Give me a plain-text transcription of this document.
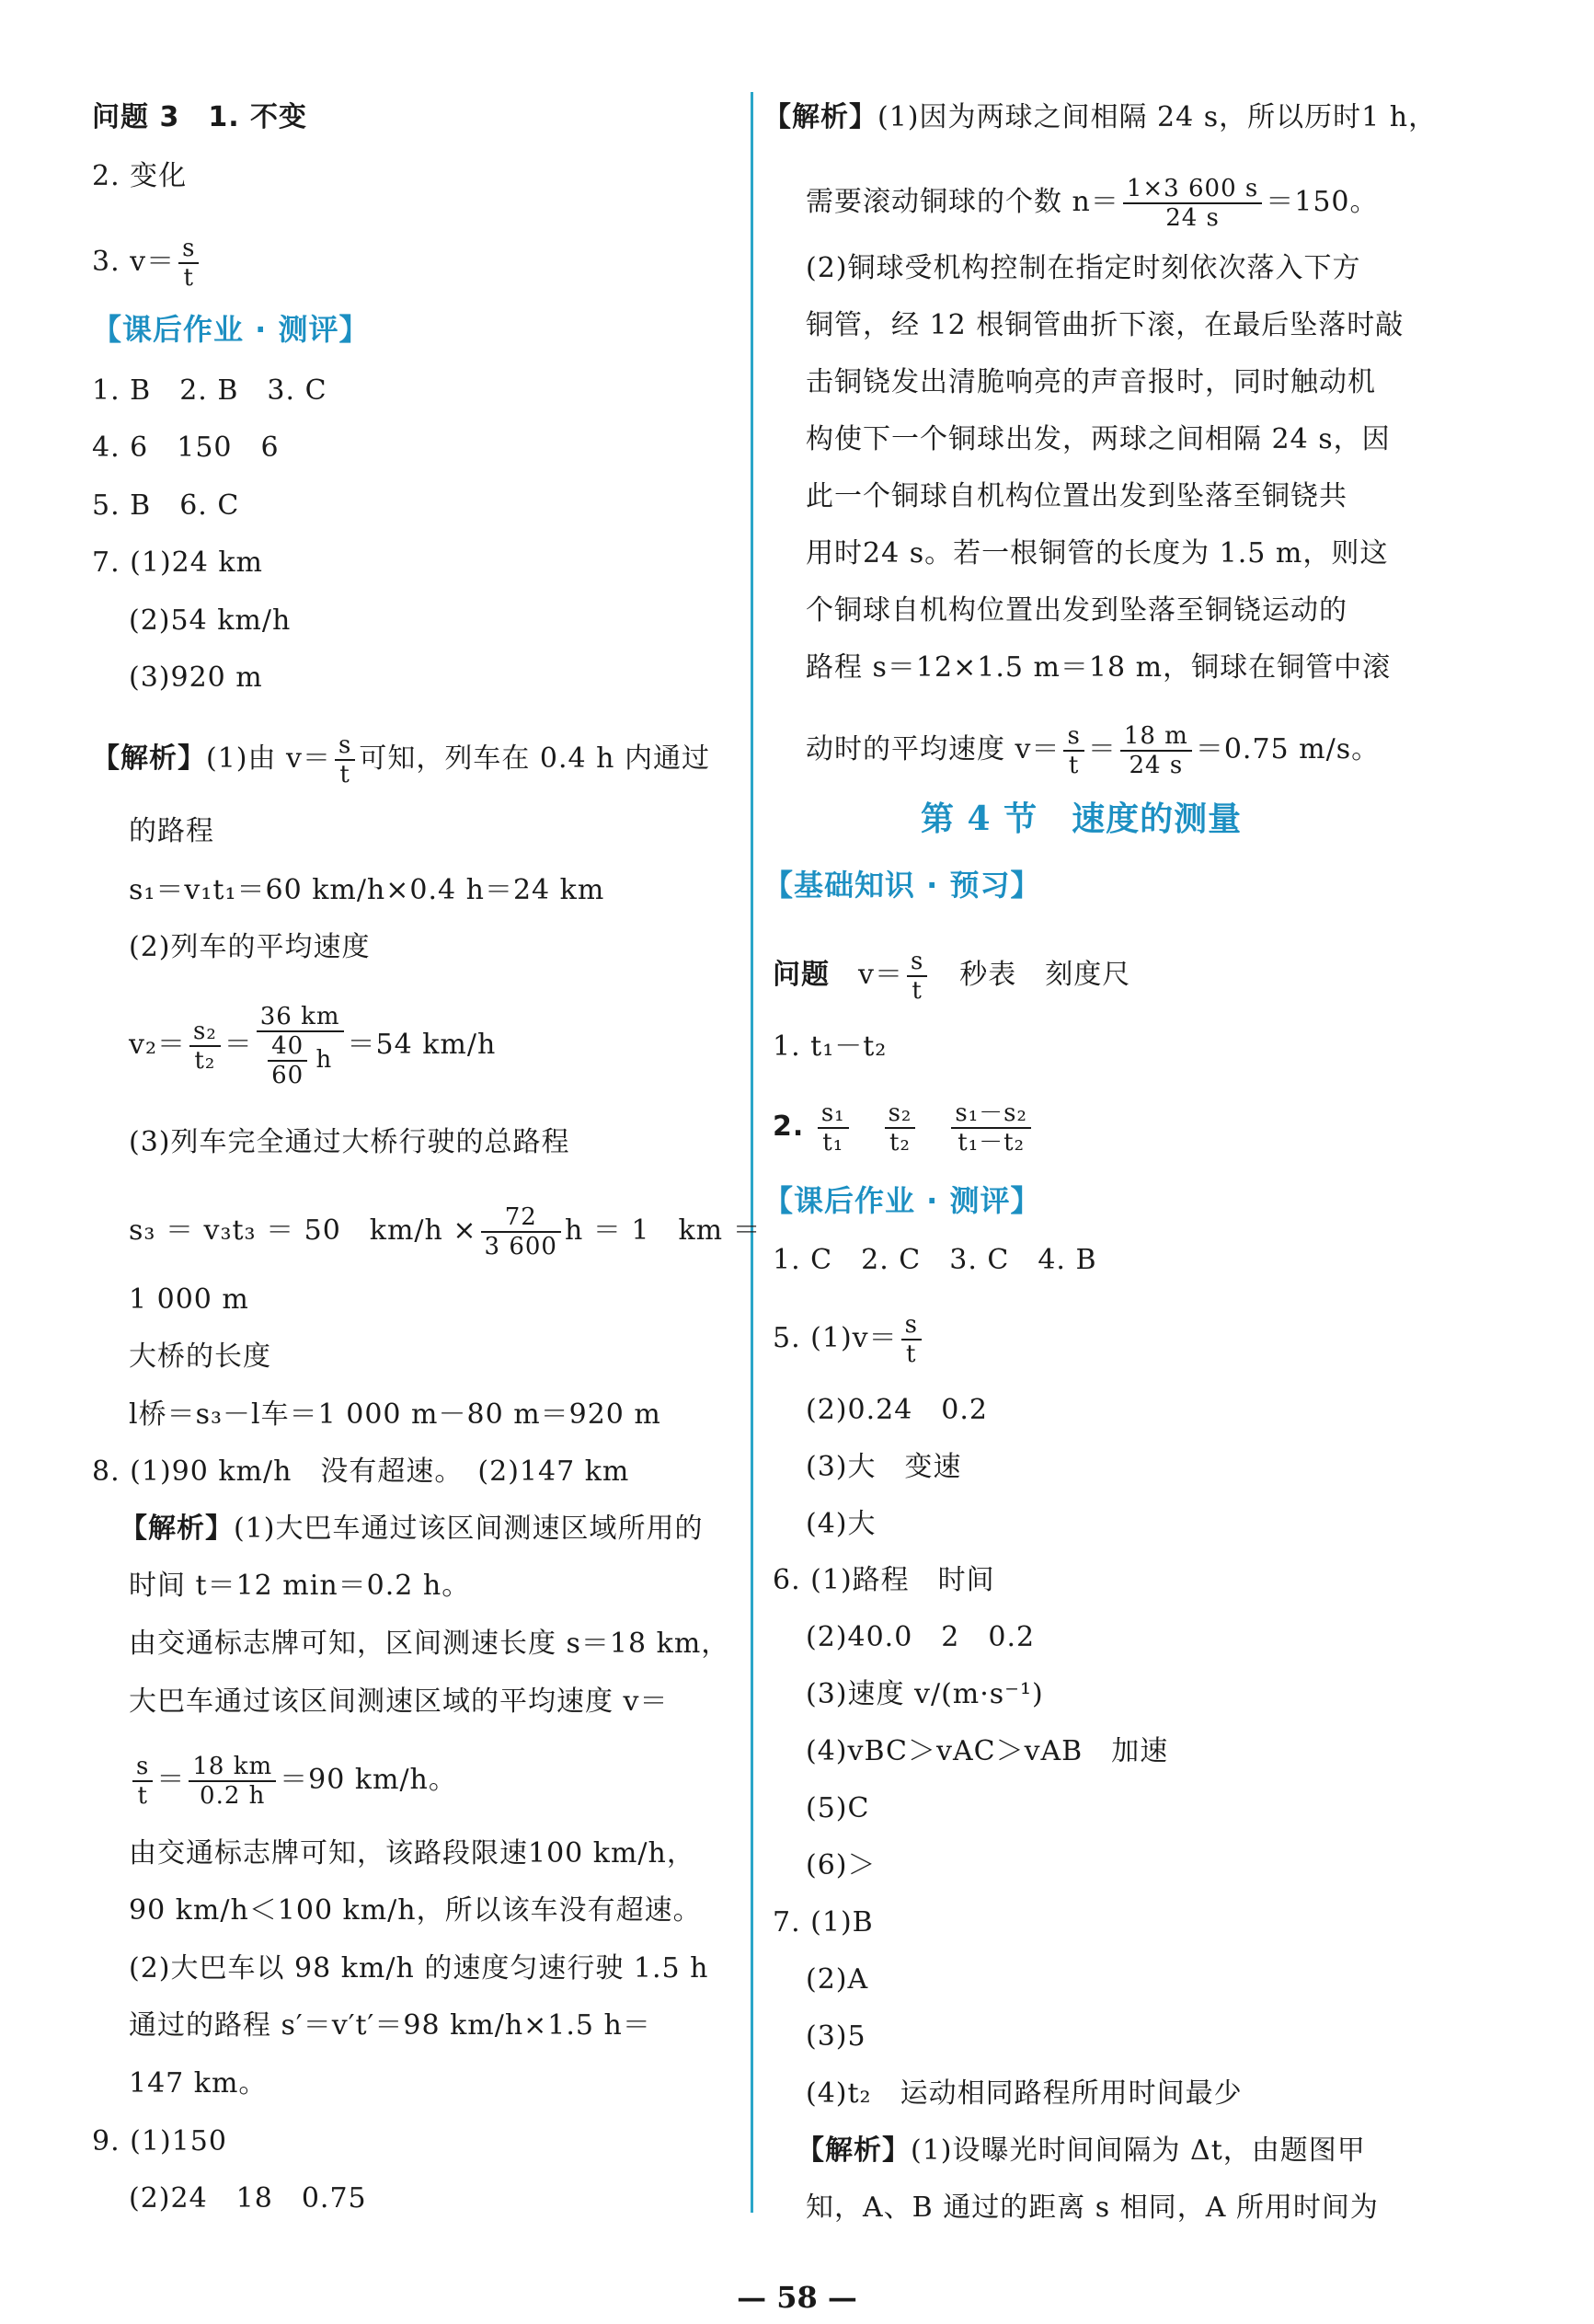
问题 3　 1. 不变
2. 变化
3. $v= \frac{s}{t}$
【课后作业 · 测评】
1. B　2. B　3. C
4. 6　150　6
5. B　6. C
7. (1)24 km
(2)54 km/h
(3)920 m
【解析】(1)由 $v= \frac{s}{t}$ 可知，列车在 0.4 h 内通过
的路程
s₁＝v₁t₁＝60 km/h×0.4 h＝24 km
(2)列车的平均速度
$v_2= \frac{\text{s₂}}{\text{t₂}} = \frac{36 km}{\frac{40}{60} h} =54$ km/h
(3)列车完全通过大桥行驶的总路程
s₃ ＝ v₃t₃ ＝ 50　$km/h \times \frac{72}{3 600}$ h ＝ 1　km ＝
1 000 m
大桥的长度
l桥＝s₃－l车＝1 000 m－80 m＝920 m
8. (1)90 km/h　没有超速。　(2)147 km
【解析】(1)大巴车通过该区间测速区域所用的
时间 t＝12 min＝0.2 h。
由交通标志牌可知，区间测速长度 s＝18 km，
大巴车通过该区间测速区域的平均速度 v＝
$\frac{s}{t} = \frac{18 km}{0.2 h} =90$ km/h。
由交通标志牌可知，该路段限速100 km/h，
90 km/h＜100 km/h，所以该车没有超速。
(2)大巴车以 98 km/h 的速度匀速行驶 1.5 h
通过的路程 s′＝v′t′＝98 km/h×1.5 h＝
147 km。
9. (1)150
(2)24　18　0.75
【解析】(1)因为两球之间相隔 24 s，所以历时1 h，
需要滚动铜球的个数 $n= \frac{1\times 3 600 s}{24 s} =150$。
(2)铜球受机构控制在指定时刻依次落入下方
铜管，经 12 根铜管曲折下滚，在最后坠落时敲
击铜铙发出清脆响亮的声音报时，同时触动机
构使下一个铜球出发，两球之间相隔 24 s，因
此一个铜球自机构位置出发到坠落至铜铙共
用时24 s。若一根铜管的长度为 1.5 m，则这
个铜球自机构位置出发到坠落至铜铙运动的
路程 s＝12×1.5 m＝18 m，铜球在铜管中滚
动时的平均速度 $v= \frac{s}{t} = \frac{18 m}{24 s} =0.75$ m/s。
第 4 节　速度的测量
【基础知识 · 预习】
问题　 $v= \frac{s}{t}$
　 秒表　刻度尺
1. t₁－t₂
2. $\frac{\text{s₁}}{\text{t₁}}$
　 $\frac{\text{s₂}}{\text{t₂}}$
　 $\frac{\text{s₁－s₂}}{\text{t₁－t₂}}$
【课后作业 · 测评】
1. C　2. C　3. C　4. B
5. $(1)v= \frac{s}{t}$
(2)0.24　0.2
(3)大　变速
(4)大
6. (1)路程　时间
(2)40.0　2　0.2
(3)速度 v/(m·s⁻¹)
(4)vBC＞vAC＞vAB　加速
(5)C
(6)＞
7. (1)B
(2)A
(3)5
(4)t₂　运动相同路程所用时间最少
【解析】(1)设曝光时间间隔为 Δt，由题图甲
知，A、B 通过的距离 s 相同，A 所用时间为
— 58 —
